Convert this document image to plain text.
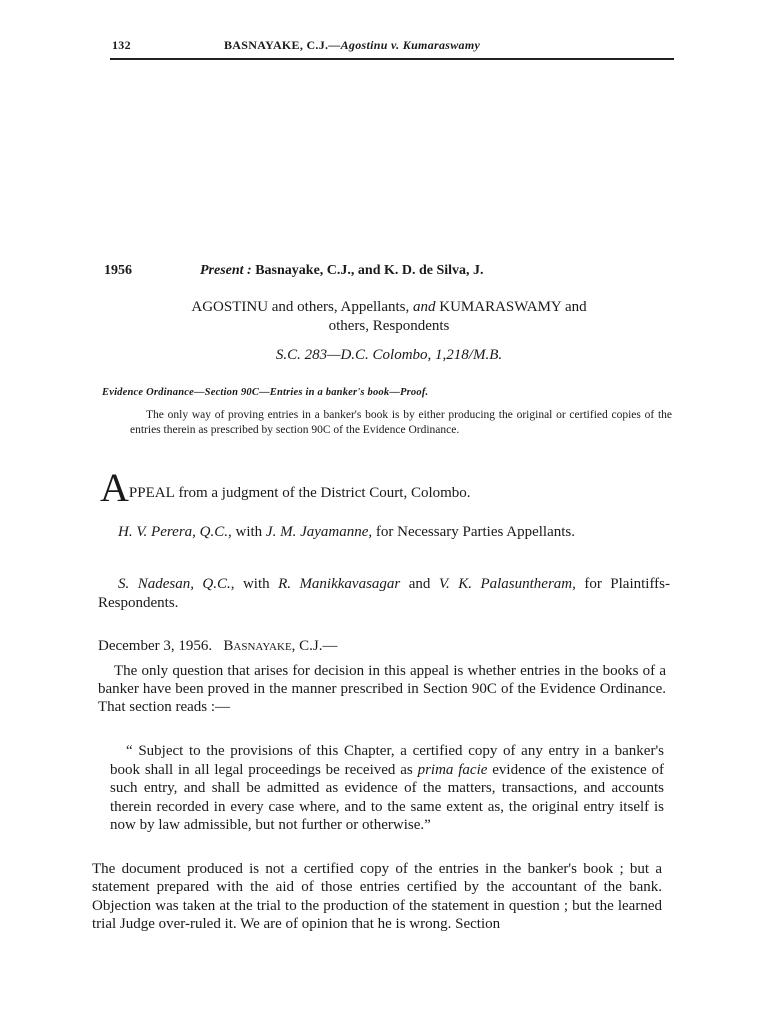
132	BASNAYAKE, C.J.—Agostinu v. Kumaraswamy
1956	Present : Basnayake, C.J., and K. D. de Silva, J.
AGOSTINU and others, Appellants, and KUMARASWAMY and
others, Respondents
S.C. 283—D.C. Colombo, 1,218/M.B.
Evidence Ordinance—Section 90C—Entries in a banker's book—Proof.

The only way of proving entries in a banker's book is by either producing the original or certified copies of the entries therein as prescribed by section 90C of the Evidence Ordinance.

APPEAL from a judgment of the District Court, Colombo.

H. V. Perera, Q.C., with J. M. Jayamanne, for Necessary Parties Appellants.

S. Nadesan, Q.C., with R. Manikkavasagar and V. K. Palasuntheram, for Plaintiffs-Respondents.

December 3, 1956. Basnayake, C.J.—

The only question that arises for decision in this appeal is whether entries in the books of a banker have been proved in the manner prescribed in Section 90C of the Evidence Ordinance. That section reads :—

“ Subject to the provisions of this Chapter, a certified copy of any entry in a banker's book shall in all legal proceedings be received as prima facie evidence of the existence of such entry, and shall be admitted as evidence of the matters, transactions, and accounts therein recorded in every case where, and to the same extent as, the original entry itself is now by law admissible, but not further or otherwise.”

The document produced is not a certified copy of the entries in the banker's book ; but a statement prepared with the aid of those entries certified by the accountant of the bank. Objection was taken at the trial to the production of the statement in question ; but the learned trial Judge over-ruled it. We are of opinion that he is wrong. Section
